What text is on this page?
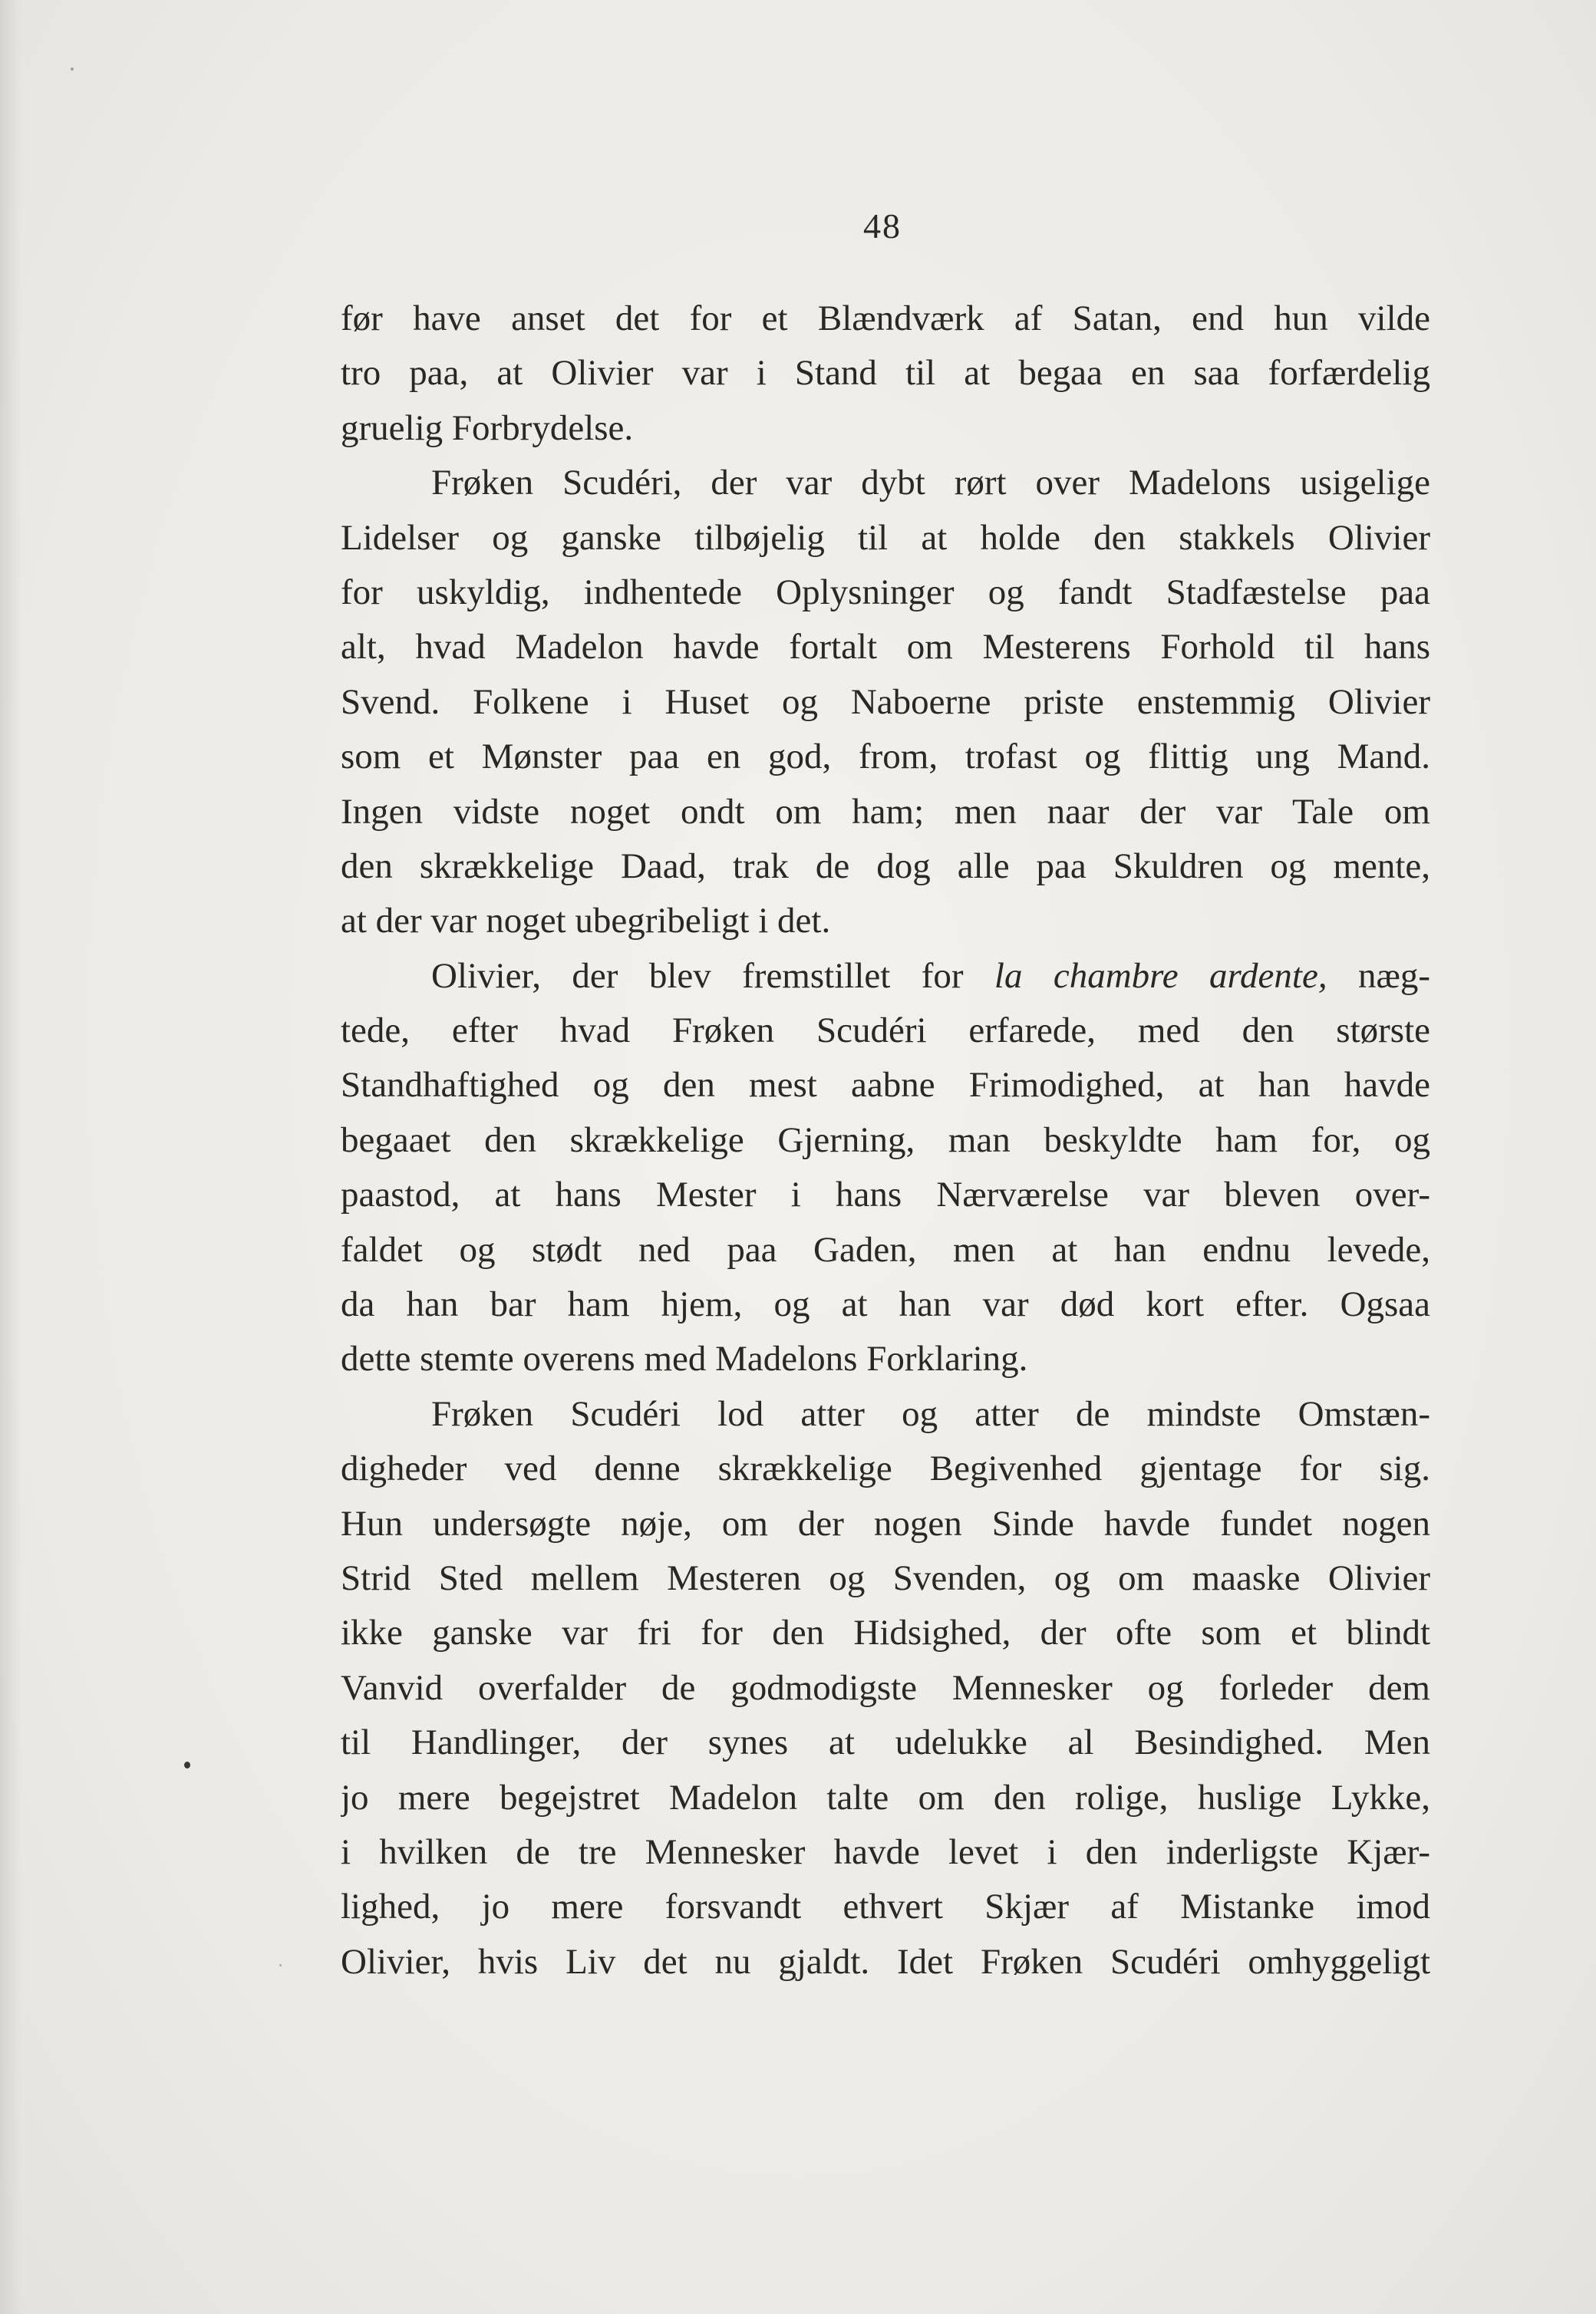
48
før have anset det for et Blændværk af Satan, end hun vilde
tro paa, at Olivier var i Stand til at begaa en saa forfærdelig
gruelig Forbrydelse.
Frøken Scudéri, der var dybt rørt over Madelons usigelige
Lidelser og ganske tilbøjelig til at holde den stakkels Olivier
for uskyldig, indhentede Oplysninger og fandt Stadfæstelse paa
alt, hvad Madelon havde fortalt om Mesterens Forhold til hans
Svend. Folkene i Huset og Naboerne priste enstemmig Olivier
som et Mønster paa en god, from, trofast og flittig ung Mand.
Ingen vidste noget ondt om ham; men naar der var Tale om
den skrækkelige Daad, trak de dog alle paa Skuldren og mente,
at der var noget ubegribeligt i det.
Olivier, der blev fremstillet for la chambre ardente, næg-
tede, efter hvad Frøken Scudéri erfarede, med den største
Standhaftighed og den mest aabne Frimodighed, at han havde
begaaet den skrækkelige Gjerning, man beskyldte ham for, og
paastod, at hans Mester i hans Nærværelse var bleven over-
faldet og stødt ned paa Gaden, men at han endnu levede,
da han bar ham hjem, og at han var død kort efter. Ogsaa
dette stemte overens med Madelons Forklaring.
Frøken Scudéri lod atter og atter de mindste Omstæn-
digheder ved denne skrækkelige Begivenhed gjentage for sig.
Hun undersøgte nøje, om der nogen Sinde havde fundet nogen
Strid Sted mellem Mesteren og Svenden, og om maaske Olivier
ikke ganske var fri for den Hidsighed, der ofte som et blindt
Vanvid overfalder de godmodigste Mennesker og forleder dem
til Handlinger, der synes at udelukke al Besindighed. Men
jo mere begejstret Madelon talte om den rolige, huslige Lykke,
i hvilken de tre Mennesker havde levet i den inderligste Kjær-
lighed, jo mere forsvandt ethvert Skjær af Mistanke imod
Olivier, hvis Liv det nu gjaldt. Idet Frøken Scudéri omhyggeligt
